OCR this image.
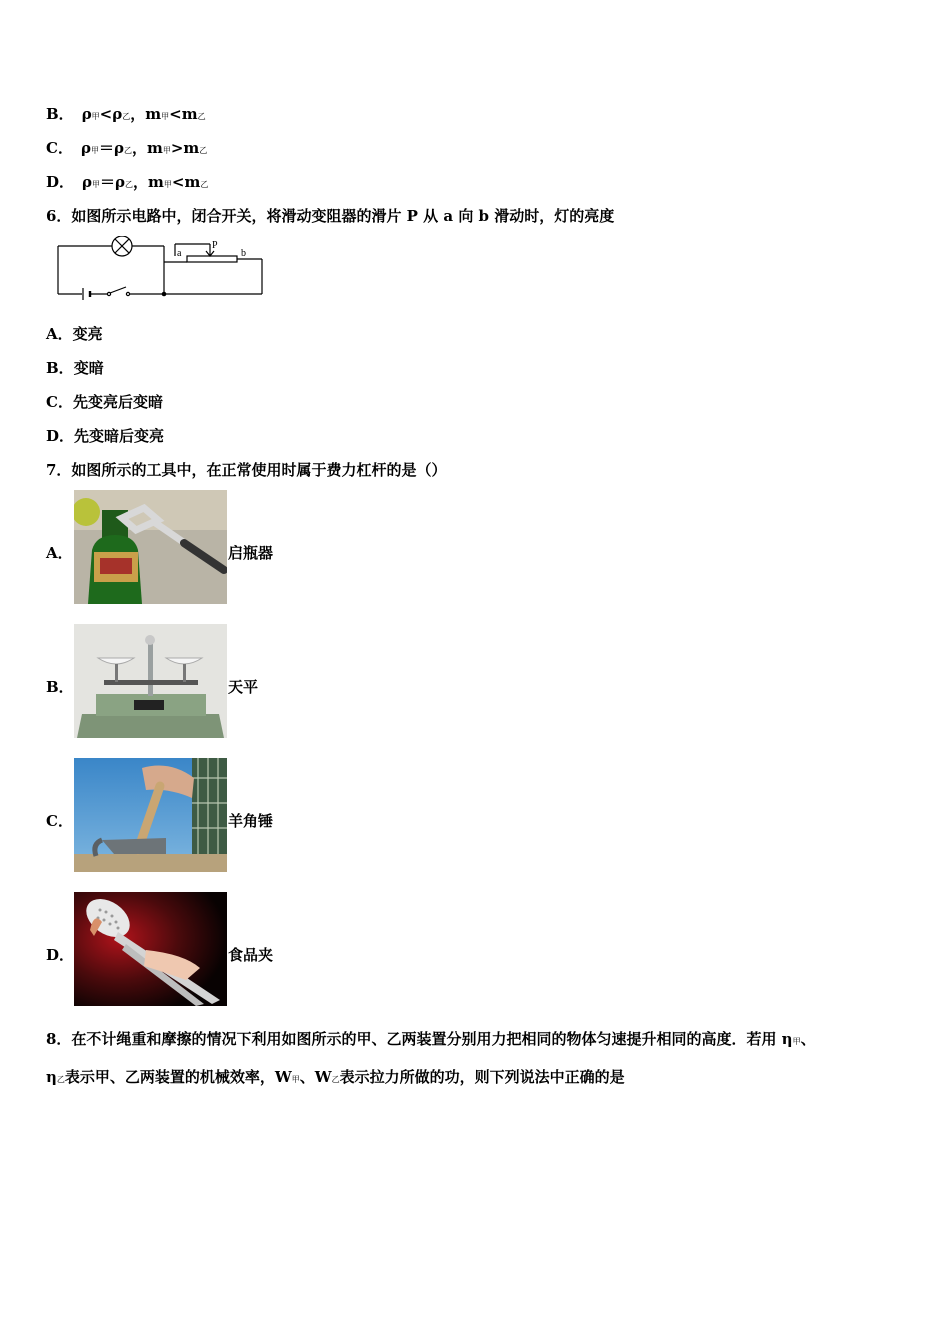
B． ρ甲<ρ乙，m甲<m乙
C． ρ甲＝ρ乙，m甲>m乙
D． ρ甲＝ρ乙，m甲<m乙
6．如图所示电路中，闭合开关，将滑动变阻器的滑片 P 从 a 向 b 滑动时，灯的亮度
a
P
b
A．变亮
B．变暗
C．先变亮后变暗
D．先变暗后变亮
7．如图所示的工具中，在正常使用时属于费力杠杆的是（）
A．	启瓶器
B．	天平
C．	羊角锤
D．	食品夹
8．在不计绳重和摩擦的情况下利用如图所示的甲、乙两装置分别用力把相同的物体匀速提升相同的高度．若用 η甲、
η乙表示甲、乙两装置的机械效率，W甲、W乙表示拉力所做的功，则下列说法中正确的是
